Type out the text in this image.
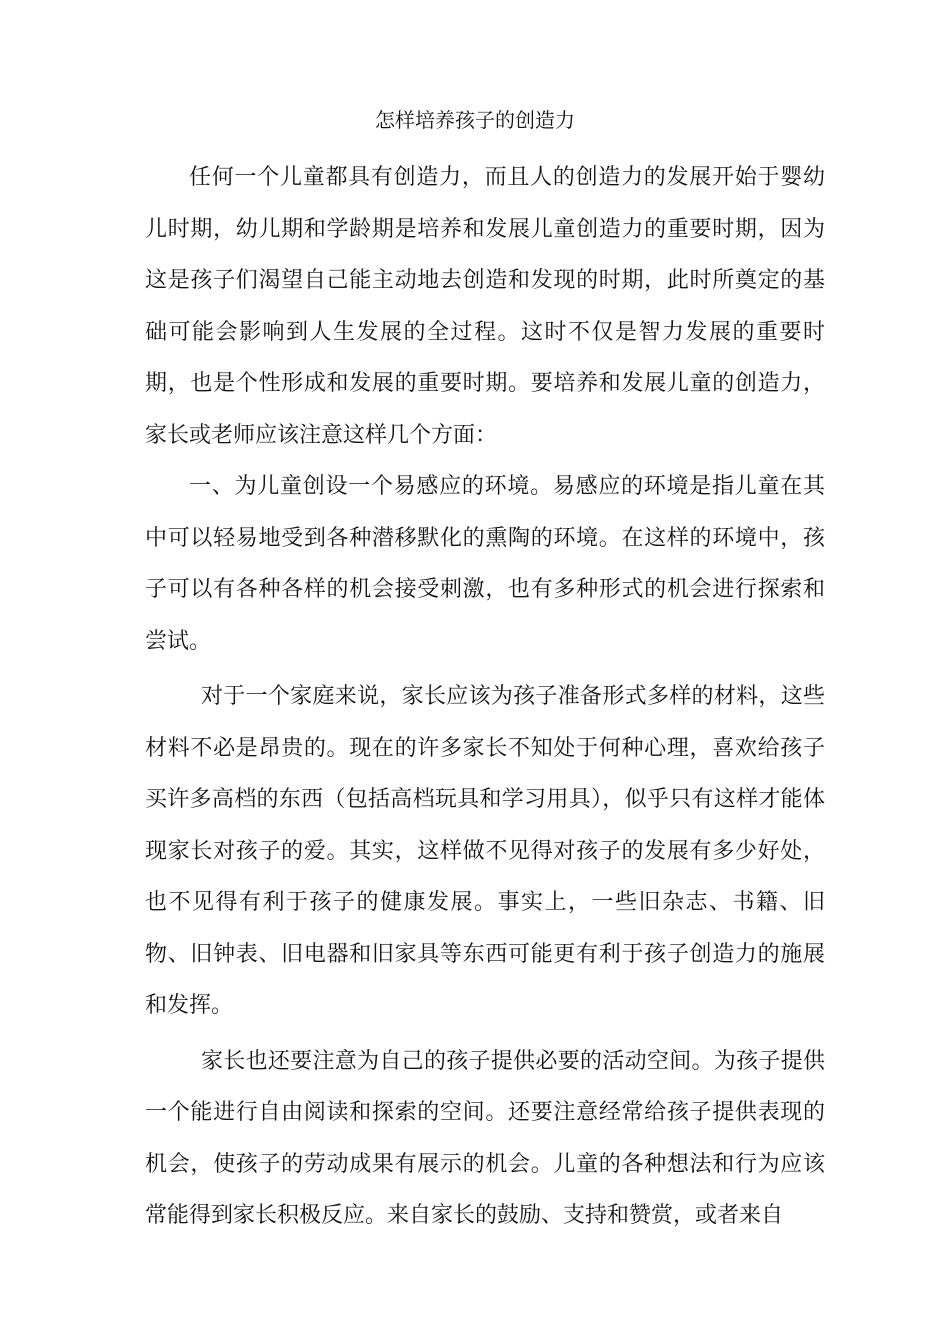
怎样培养孩子的创造力

任何一个儿童都具有创造力，而且人的创造力的发展开始于婴幼儿时期，幼儿期和学龄期是培养和发展儿童创造力的重要时期，因为这是孩子们渴望自己能主动地去创造和发现的时期，此时所奠定的基础可能会影响到人生发展的全过程。这时不仅是智力发展的重要时期，也是个性形成和发展的重要时期。要培养和发展儿童的创造力，家长或老师应该注意这样几个方面：

一、为儿童创设一个易感应的环境。易感应的环境是指儿童在其中可以轻易地受到各种潜移默化的熏陶的环境。在这样的环境中，孩子可以有各种各样的机会接受刺激，也有多种形式的机会进行探索和尝试。

对于一个家庭来说，家长应该为孩子准备形式多样的材料，这些材料不必是昂贵的。现在的许多家长不知处于何种心理，喜欢给孩子买许多高档的东西（包括高档玩具和学习用具），似乎只有这样才能体现家长对孩子的爱。其实，这样做不见得对孩子的发展有多少好处，也不见得有利于孩子的健康发展。事实上，一些旧杂志、书籍、旧物、旧钟表、旧电器和旧家具等东西可能更有利于孩子创造力的施展和发挥。

家长也还要注意为自己的孩子提供必要的活动空间。为孩子提供一个能进行自由阅读和探索的空间。还要注意经常给孩子提供表现的机会，使孩子的劳动成果有展示的机会。儿童的各种想法和行为应该常能得到家长积极反应。来自家长的鼓励、支持和赞赏，或者来自
